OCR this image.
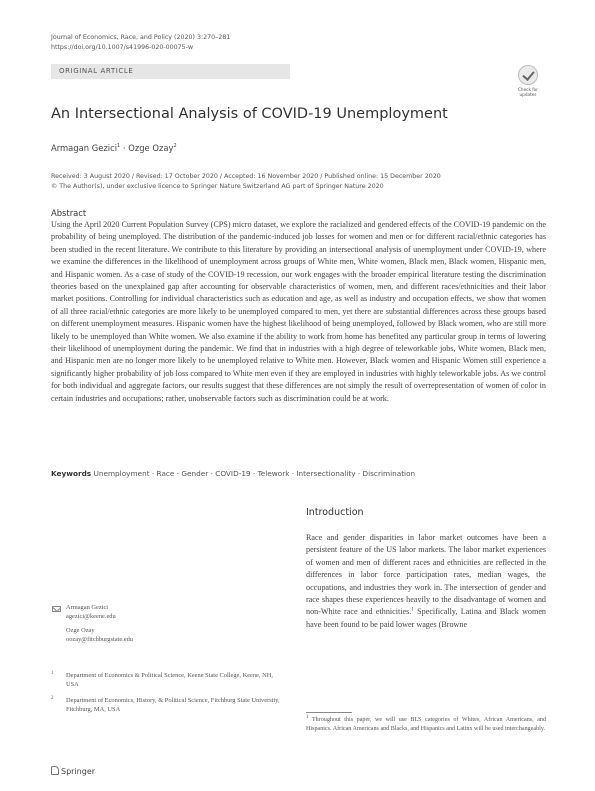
Journal of Economics, Race, and Policy (2020) 3:270–281
https://doi.org/10.1007/s41996-020-00075-w
ORIGINAL ARTICLE
Check for
updates
An Intersectional Analysis of COVID-19 Unemployment
Armagan Gezici$^1$ · Ozge Ozay$^2$
Received: 3 August 2020 / Revised: 17 October 2020 / Accepted: 16 November 2020 / Published online: 15 December 2020
© The Author(s), under exclusive licence to Springer Nature Switzerland AG part of Springer Nature 2020
Abstract
Using the April 2020 Current Population Survey (CPS) micro dataset, we explore the racialized and gendered effects of the COVID-19 pandemic on the probability of being unemployed. The distribution of the pandemic-induced job losses for women and men or for different racial/ethnic categories has been studied in the recent literature. We contribute to this literature by providing an intersectional analysis of unemployment under COVID-19, where we examine the differences in the likelihood of unemployment across groups of White men, White women, Black men, Black women, Hispanic men, and Hispanic women. As a case of study of the COVID-19 recession, our work engages with the broader empirical literature testing the discrimination theories based on the unexplained gap after accounting for observable characteristics of women, men, and different races/ethnicities and their labor market positions. Controlling for individual characteristics such as education and age, as well as industry and occupation effects, we show that women of all three racial/ethnic categories are more likely to be unemployed compared to men, yet there are substantial differences across these groups based on different unemployment measures. Hispanic women have the highest likelihood of being unemployed, followed by Black women, who are still more likely to be unemployed than White women. We also examine if the ability to work from home has benefited any particular group in terms of lowering their likelihood of unemployment during the pandemic. We find that in industries with a high degree of teleworkable jobs, White women, Black men, and Hispanic men are no longer more likely to be unemployed relative to White men. However, Black women and Hispanic Women still experience a significantly higher probability of job loss compared to White men even if they are employed in industries with highly teleworkable jobs. As we control for both individual and aggregate factors, our results suggest that these differences are not simply the result of overrepresentation of women of color in certain industries and occupations; rather, unobservable factors such as discrimination could be at work.
Keywords Unemployment · Race · Gender · COVID-19 · Telework · Intersectionality · Discrimination
Introduction
Race and gender disparities in labor market outcomes have been a persistent feature of the US labor markets. The labor market experiences of women and men of different races and ethnicities are reflected in the differences in labor force participation rates, median wages, the occupations, and industries they work in. The intersection of gender and race shapes these experiences heavily to the disadvantage of women and non-White race and ethnicities.$^1$ Specifically, Latina and Black women have been found to be paid lower wages (Browne
$^1$ Throughout this paper, we will use BLS categories of Whites, African Americans, and Hispanics. African Americans and Blacks, and Hispanics and Latinx will be used interchangeably.
Armagan Gezici
agezici@keene.edu
Ozge Ozay
oozay@fitchburgstate.edu
1 Department of Economics & Political Science, Keene State College, Keene, NH, USA
2 Department of Economics, History, & Political Science, Fitchburg State University, Fitchburg, MA, USA
Springer
